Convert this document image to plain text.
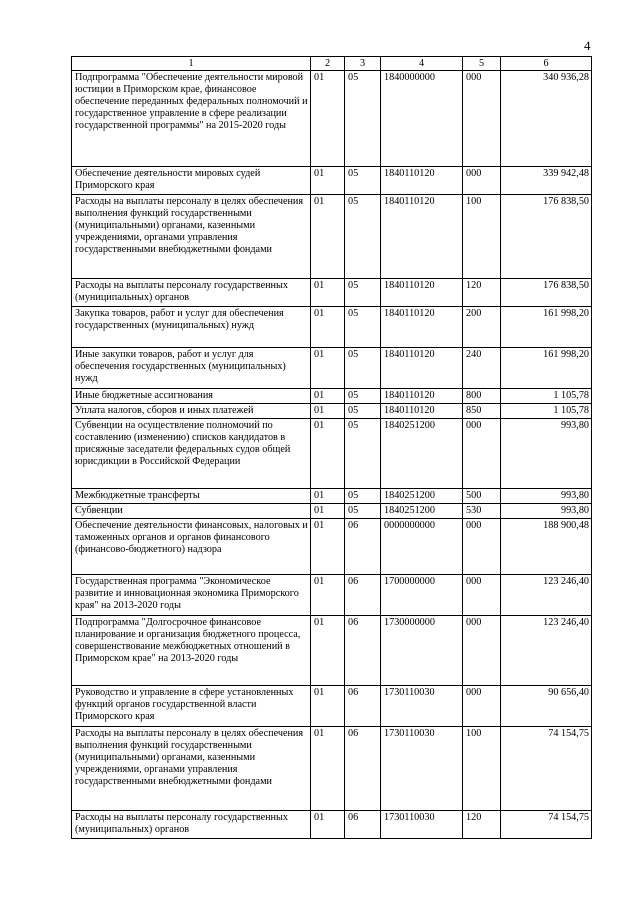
4
1	2	3	4	5	6
Подпрограмма "Обеспечение деятельности мировой юстиции в Приморском крае, финансовое обеспечение переданных федеральных полномочий и государственное управление в сфере реализации государственной программы" на 2015-2020 годы	01	05	1840000000	000	340 936,28
Обеспечение деятельности мировых судей Приморского края	01	05	1840110120	000	339 942,48
Расходы на выплаты персоналу в целях обеспечения выполнения функций государственными (муниципальными) органами, казенными учреждениями, органами управления государственными внебюджетными фондами	01	05	1840110120	100	176 838,50
Расходы на выплаты персоналу государственных (муниципальных) органов	01	05	1840110120	120	176 838,50
Закупка товаров, работ и услуг для обеспечения государственных (муниципальных) нужд	01	05	1840110120	200	161 998,20
Иные закупки товаров, работ и услуг для обеспечения государственных (муниципальных) нужд	01	05	1840110120	240	161 998,20
Иные бюджетные ассигнования	01	05	1840110120	800	1 105,78
Уплата налогов, сборов и иных платежей	01	05	1840110120	850	1 105,78
Субвенции на осуществление полномочий по составлению (изменению) списков кандидатов в присяжные заседатели федеральных судов общей юрисдикции в Российской Федерации	01	05	1840251200	000	993,80
Межбюджетные трансферты	01	05	1840251200	500	993,80
Субвенции	01	05	1840251200	530	993,80
Обеспечение деятельности финансовых, налоговых и таможенных органов и органов финансового (финансово-бюджетного) надзора	01	06	0000000000	000	188 900,48
Государственная программа "Экономическое развитие и инновационная экономика Приморского края" на 2013-2020 годы	01	06	1700000000	000	123 246,40
Подпрограмма "Долгосрочное финансовое планирование и организация бюджетного процесса, совершенствование межбюджетных отношений в Приморском крае" на 2013-2020 годы	01	06	1730000000	000	123 246,40
Руководство и управление в сфере установленных функций органов государственной власти Приморского края	01	06	1730110030	000	90 656,40
Расходы на выплаты персоналу в целях обеспечения выполнения функций государственными (муниципальными) органами, казенными учреждениями, органами управления государственными внебюджетными фондами	01	06	1730110030	100	74 154,75
Расходы на выплаты персоналу государственных (муниципальных) органов	01	06	1730110030	120	74 154,75
